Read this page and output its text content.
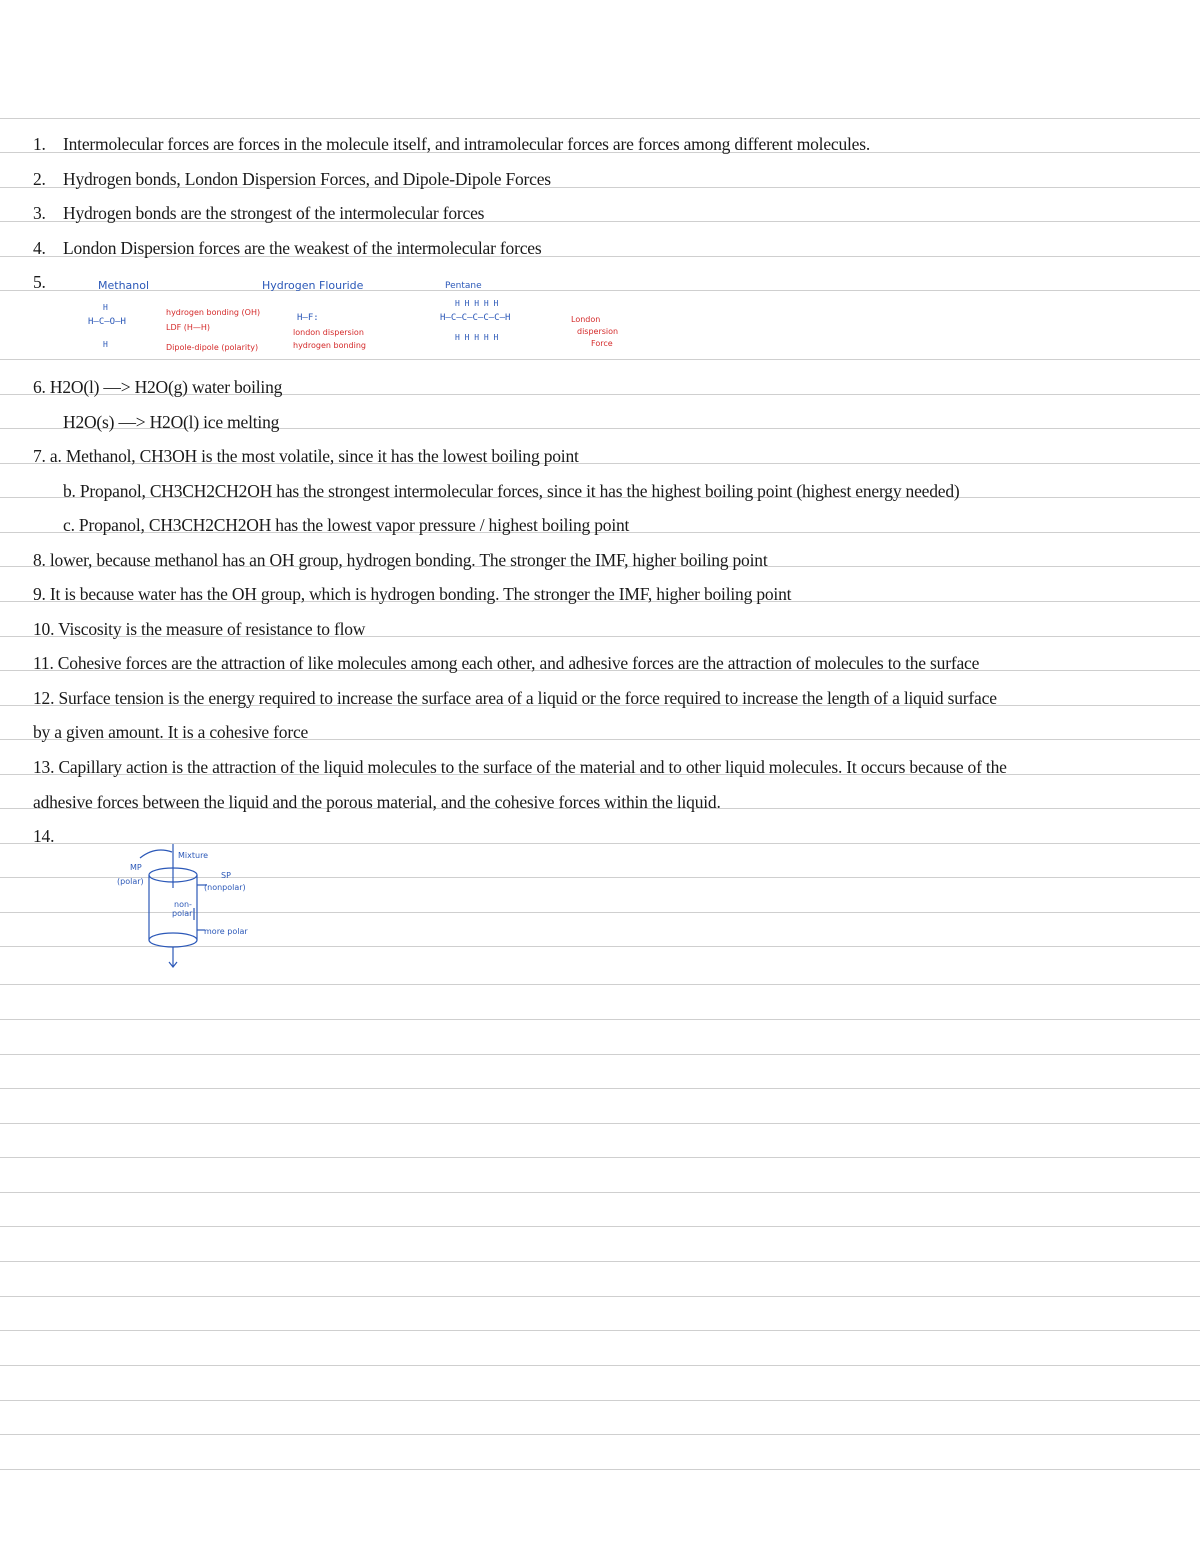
1. Intermolecular forces are forces in the molecule itself, and intramolecular forces are forces among different molecules.
2. Hydrogen bonds, London Dispersion Forces, and Dipole-Dipole Forces
3. Hydrogen bonds are the strongest of the intermolecular forces
4. London Dispersion forces are the weakest of the intermolecular forces
5.	Methanol
H
H—C—O—H
H
hydrogen bonding (OH)
LDF (H—H)
Dipole-dipole (polarity)
Hydrogen Flouride
H—F:
london dispersion
hydrogen bonding
Pentane
H H H H H
H—C—C—C—C—C—H
H H H H H
London
dispersion
Force
6. H2O(l) —> H2O(g) water boiling
H2O(s) —> H2O(l) ice melting
7. a. Methanol, CH3OH is the most volatile, since it has the lowest boiling point
b. Propanol, CH3CH2CH2OH has the strongest intermolecular forces, since it has the highest boiling point (highest energy needed)
c. Propanol, CH3CH2CH2OH has the lowest vapor pressure / highest boiling point
8. lower, because methanol has an OH group, hydrogen bonding. The stronger the IMF, higher boiling point
9. It is because water has the OH group, which is hydrogen bonding. The stronger the IMF, higher boiling point
10. Viscosity is the measure of resistance to flow
11. Cohesive forces are the attraction of like molecules among each other, and adhesive forces are the attraction of molecules to the surface
12. Surface tension is the energy required to increase the surface area of a liquid or the force required to increase the length of a liquid surface
by a given amount. It is a cohesive force
13. Capillary action is the attraction of the liquid molecules to the surface of the material and to other liquid molecules. It occurs because of the
adhesive forces between the liquid and the porous material, and the cohesive forces within the liquid.
14.
Mixture
MP
(polar)
SP
(nonpolar)
non-
polar
more polar
